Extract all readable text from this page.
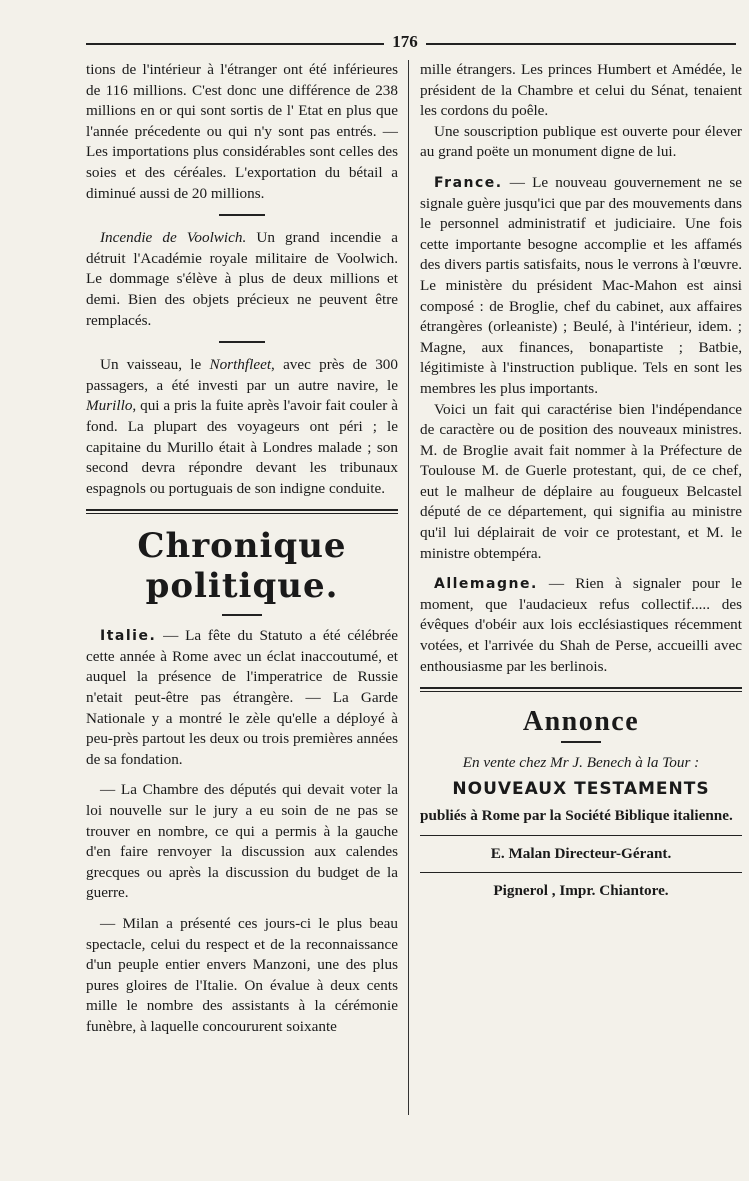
176

tions de l'intérieur à l'étranger ont été inférieures de 116 millions. C'est donc une différence de 238 millions en or qui sont sortis de l' Etat en plus que l'année précedente ou qui n'y sont pas entrés. — Les importations plus considérables sont celles des soies et des céréales. L'exportation du bétail a diminué aussi de 20 millions.

Incendie de Voolwich. Un grand incendie a détruit l'Académie royale militaire de Voolwich. Le dommage s'élève à plus de deux millions et demi. Bien des objets précieux ne peuvent être remplacés.

Un vaisseau, le Northfleet, avec près de 300 passagers, a été investi par un autre navire, le Murillo, qui a pris la fuite après l'avoir fait couler à fond. La plupart des voyageurs ont péri ; le capitaine du Murillo était à Londres malade ; son second devra répondre devant les tribunaux espagnols ou portuguais de son indigne conduite.

Chronique politique.

Italie. — La fête du Statuto a été célébrée cette année à Rome avec un éclat inaccoutumé, et auquel la présence de l'imperatrice de Russie n'etait peut-être pas étrangère. — La Garde Nationale y a montré le zèle qu'elle a déployé à peu-près partout les deux ou trois premières années de sa fondation.

— La Chambre des députés qui devait voter la loi nouvelle sur le jury a eu soin de ne pas se trouver en nombre, ce qui a permis à la gauche d'en faire renvoyer la discussion aux calendes grecques ou après la discussion du budget de la guerre.

— Milan a présenté ces jours-ci le plus beau spectacle, celui du respect et de la reconnaissance d'un peuple entier envers Manzoni, une des plus pures gloires de l'Italie. On évalue à deux cents mille le nombre des assistants à la cérémonie funèbre, à laquelle concoururent soixante

mille étrangers. Les princes Humbert et Amédée, le président de la Chambre et celui du Sénat, tenaient les cordons du poêle.

Une souscription publique est ouverte pour élever au grand poëte un monument digne de lui.

France. — Le nouveau gouvernement ne se signale guère jusqu'ici que par des mouvements dans le personnel administratif et judiciaire. Une fois cette importante besogne accomplie et les affamés des divers partis satisfaits, nous le verrons à l'œuvre. Le ministère du président Mac-Mahon est ainsi composé : de Broglie, chef du cabinet, aux affaires étrangères (orleaniste) ; Beulé, à l'intérieur, idem. ; Magne, aux finances, bonapartiste ; Batbie, légitimiste à l'instruction publique. Tels en sont les membres les plus importants.

Voici un fait qui caractérise bien l'indépendance de caractère ou de position des nouveaux ministres. M. de Broglie avait fait nommer à la Préfecture de Toulouse M. de Guerle protestant, qui, de ce chef, eut le malheur de déplaire au fougueux Belcastel député de ce département, qui signifia au ministre qu'il lui déplairait de voir ce protestant, et M. le ministre obtempéra.

Allemagne. — Rien à signaler pour le moment, que l'audacieux refus collectif..... des évêques d'obéir aux lois ecclésiastiques récemment votées, et l'arrivée du Shah de Perse, accueilli avec enthousiasme par les berlinois.

Annonce

En vente chez Mr J. Benech à la Tour :

NOUVEAUX TESTAMENTS

publiés à Rome par la Société Biblique italienne.

E. Malan Directeur-Gérant.

Pignerol , Impr. Chiantore.
